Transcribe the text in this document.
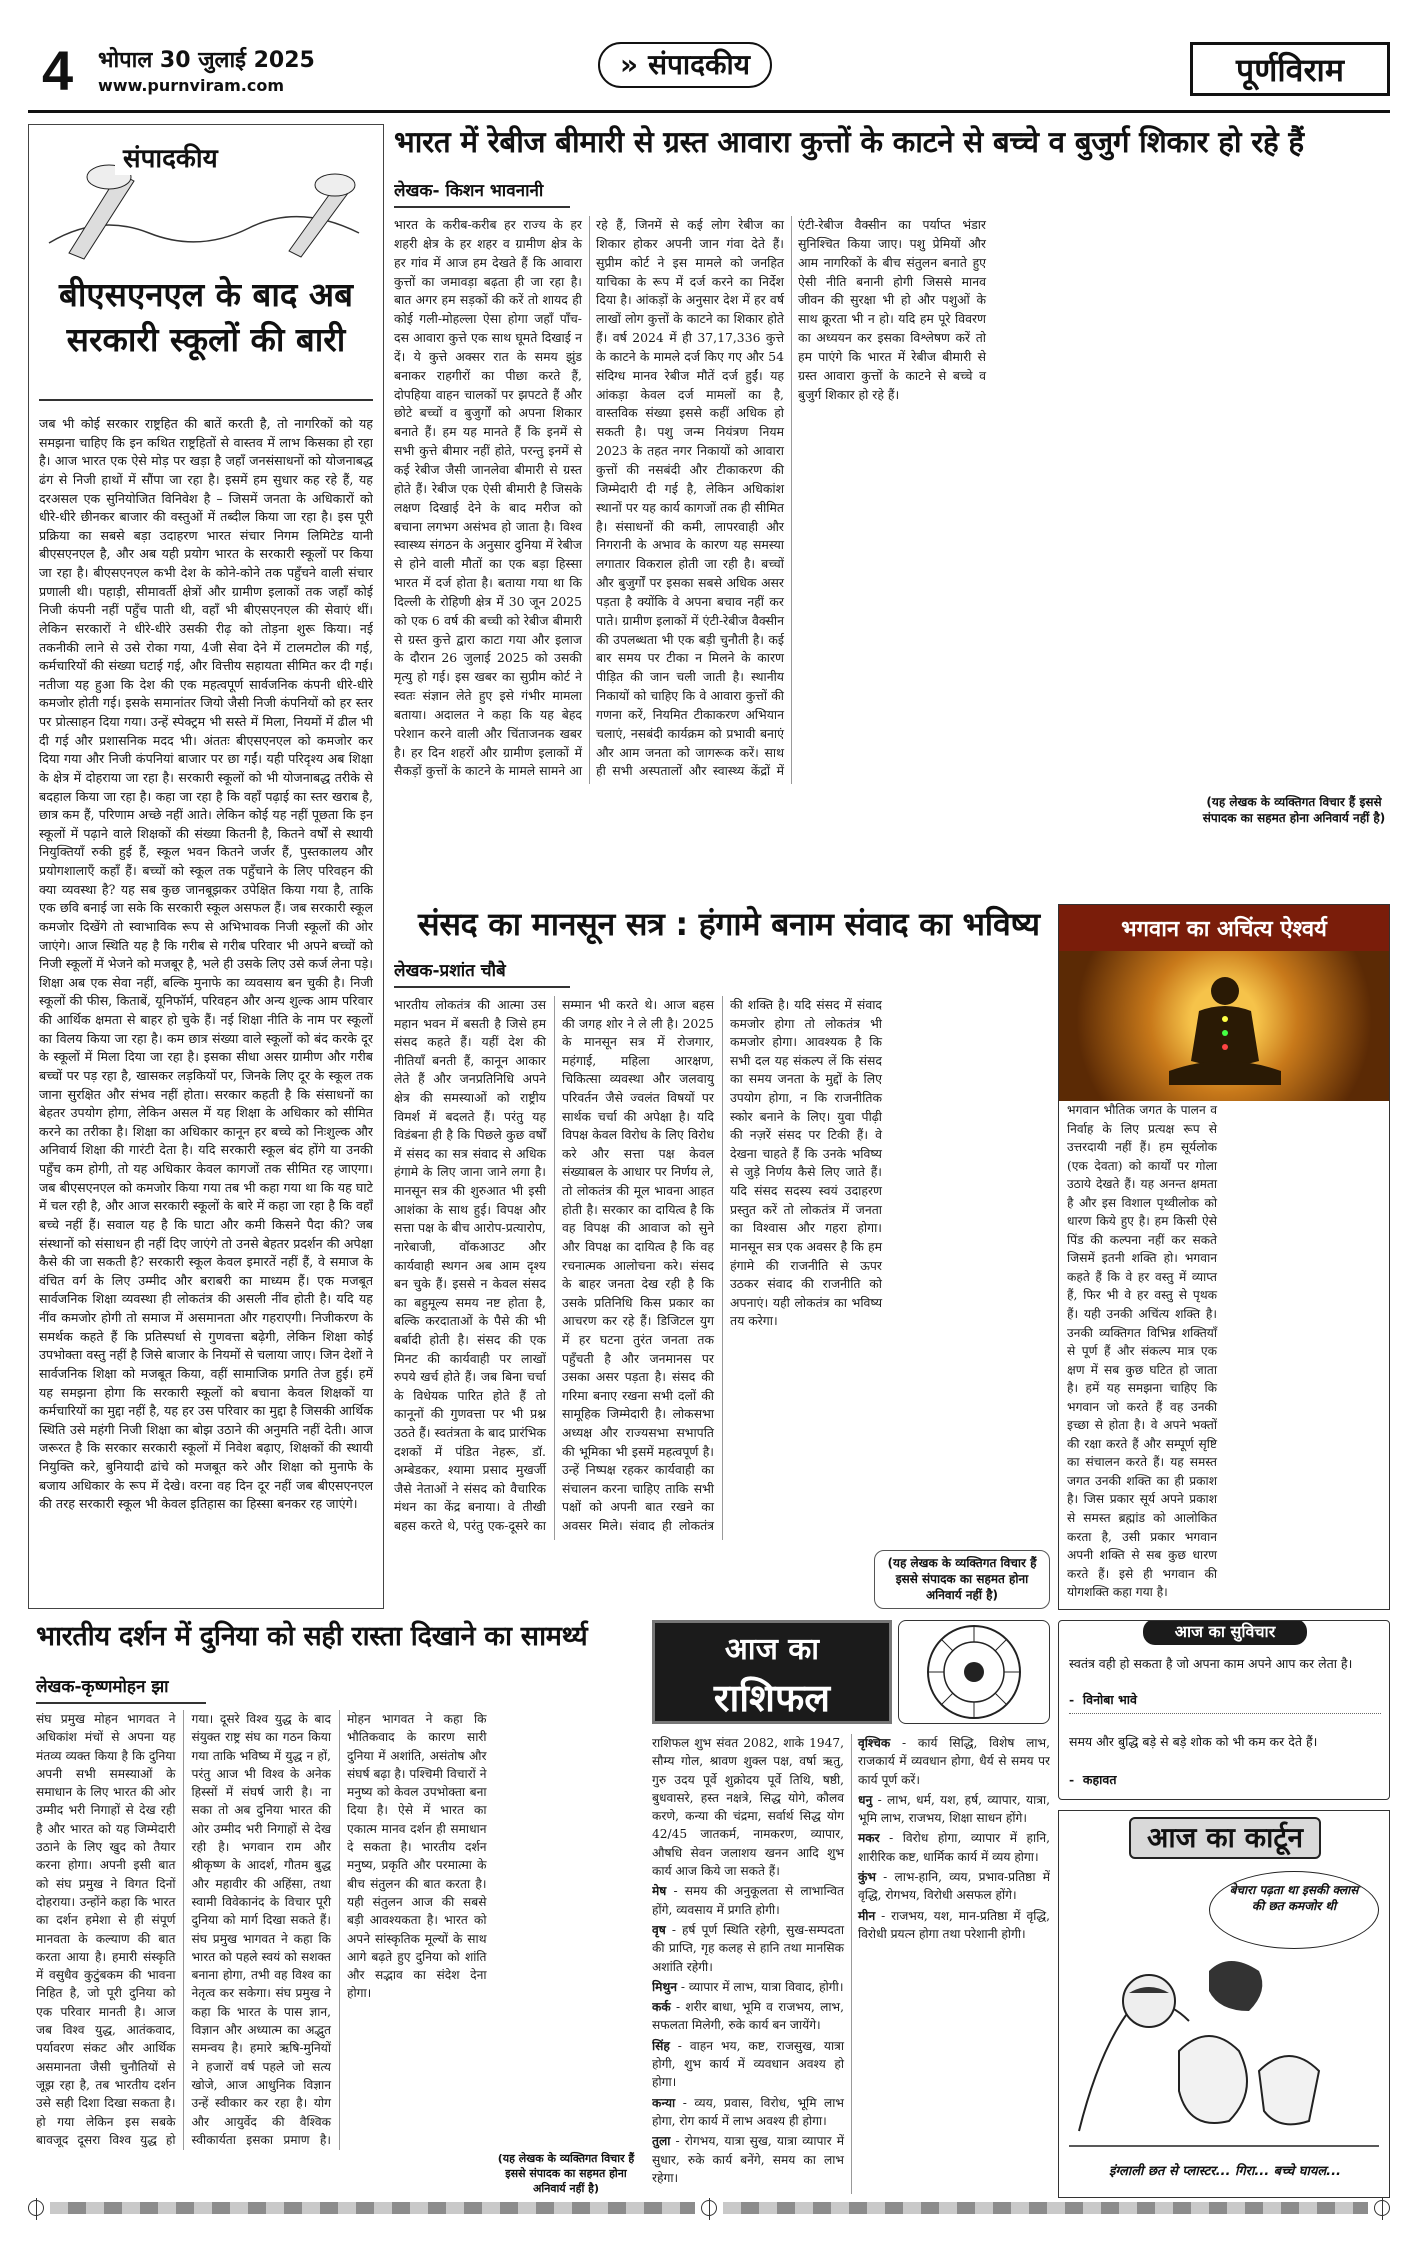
4 भोपाल 30 जुलाई 2025
www.purnviram.com
» संपादकीय	पूर्णविराम
संपादकीय
बीएसएनएल के बाद अब सरकारी स्कूलों की बारी
जब भी कोई सरकार राष्ट्रहित की बातें करती है, तो नागरिकों को यह समझना चाहिए कि इन कथित राष्ट्रहितों से वास्तव में लाभ किसका हो रहा है। आज भारत एक ऐसे मोड़ पर खड़ा है जहाँ जनसंसाधनों को योजनाबद्ध ढंग से निजी हाथों में सौंपा जा रहा है। इसमें हम सुधार कह रहे हैं, यह दरअसल एक सुनियोजित विनिवेश है – जिसमें जनता के अधिकारों को धीरे-धीरे छीनकर बाजार की वस्तुओं में तब्दील किया जा रहा है। इस पूरी प्रक्रिया का सबसे बड़ा उदाहरण भारत संचार निगम लिमिटेड यानी बीएसएनएल है, और अब यही प्रयोग भारत के सरकारी स्कूलों पर किया जा रहा है। बीएसएनएल कभी देश के कोने-कोने तक पहुँचने वाली संचार प्रणाली थी। पहाड़ी, सीमावर्ती क्षेत्रों और ग्रामीण इलाकों तक जहाँ कोई निजी कंपनी नहीं पहुँच पाती थी, वहाँ भी बीएसएनएल की सेवाएं थीं। लेकिन सरकारों ने धीरे-धीरे उसकी रीढ़ को तोड़ना शुरू किया। नई तकनीकी लाने से उसे रोका गया, 4जी सेवा देने में टालमटोल की गई, कर्मचारियों की संख्या घटाई गई, और वित्तीय सहायता सीमित कर दी गई। नतीजा यह हुआ कि देश की एक महत्वपूर्ण सार्वजनिक कंपनी धीरे-धीरे कमजोर होती गई। इसके समानांतर जियो जैसी निजी कंपनियों को हर स्तर पर प्रोत्साहन दिया गया। उन्हें स्पेक्ट्रम भी सस्ते में मिला, नियमों में ढील भी दी गई और प्रशासनिक मदद भी। अंततः बीएसएनएल को कमजोर कर दिया गया और निजी कंपनियां बाजार पर छा गईं। यही परिदृश्य अब शिक्षा के क्षेत्र में दोहराया जा रहा है। सरकारी स्कूलों को भी योजनाबद्ध तरीके से बदहाल किया जा रहा है। कहा जा रहा है कि वहाँ पढ़ाई का स्तर खराब है, छात्र कम हैं, परिणाम अच्छे नहीं आते। लेकिन कोई यह नहीं पूछता कि इन स्कूलों में पढ़ाने वाले शिक्षकों की संख्या कितनी है, कितने वर्षों से स्थायी नियुक्तियाँ रुकी हुई हैं, स्कूल भवन कितने जर्जर हैं, पुस्तकालय और प्रयोगशालाएँ कहाँ हैं। बच्चों को स्कूल तक पहुँचाने के लिए परिवहन की क्या व्यवस्था है? यह सब कुछ जानबूझकर उपेक्षित किया गया है, ताकि एक छवि बनाई जा सके कि सरकारी स्कूल असफल हैं। जब सरकारी स्कूल कमजोर दिखेंगे तो स्वाभाविक रूप से अभिभावक निजी स्कूलों की ओर जाएंगे। आज स्थिति यह है कि गरीब से गरीब परिवार भी अपने बच्चों को निजी स्कूलों में भेजने को मजबूर है, भले ही उसके लिए उसे कर्ज लेना पड़े। शिक्षा अब एक सेवा नहीं, बल्कि मुनाफे का व्यवसाय बन चुकी है। निजी स्कूलों की फीस, किताबें, यूनिफॉर्म, परिवहन और अन्य शुल्क आम परिवार की आर्थिक क्षमता से बाहर हो चुके हैं। नई शिक्षा नीति के नाम पर स्कूलों का विलय किया जा रहा है। कम छात्र संख्या वाले स्कूलों को बंद करके दूर के स्कूलों में मिला दिया जा रहा है। इसका सीधा असर ग्रामीण और गरीब बच्चों पर पड़ रहा है, खासकर लड़कियों पर, जिनके लिए दूर के स्कूल तक जाना सुरक्षित और संभव नहीं होता। सरकार कहती है कि संसाधनों का बेहतर उपयोग होगा, लेकिन असल में यह शिक्षा के अधिकार को सीमित करने का तरीका है। शिक्षा का अधिकार कानून हर बच्चे को निःशुल्क और अनिवार्य शिक्षा की गारंटी देता है। यदि सरकारी स्कूल बंद होंगे या उनकी पहुँच कम होगी, तो यह अधिकार केवल कागजों तक सीमित रह जाएगा। जब बीएसएनएल को कमजोर किया गया तब भी कहा गया था कि यह घाटे में चल रही है, और आज सरकारी स्कूलों के बारे में कहा जा रहा है कि वहाँ बच्चे नहीं हैं। सवाल यह है कि घाटा और कमी किसने पैदा की? जब संस्थानों को संसाधन ही नहीं दिए जाएंगे तो उनसे बेहतर प्रदर्शन की अपेक्षा कैसे की जा सकती है? सरकारी स्कूल केवल इमारतें नहीं हैं, वे समाज के वंचित वर्ग के लिए उम्मीद और बराबरी का माध्यम हैं। एक मजबूत सार्वजनिक शिक्षा व्यवस्था ही लोकतंत्र की असली नींव होती है। यदि यह नींव कमजोर होगी तो समाज में असमानता और गहराएगी। निजीकरण के समर्थक कहते हैं कि प्रतिस्पर्धा से गुणवत्ता बढ़ेगी, लेकिन शिक्षा कोई उपभोक्ता वस्तु नहीं है जिसे बाजार के नियमों से चलाया जाए। जिन देशों ने सार्वजनिक शिक्षा को मजबूत किया, वहीं सामाजिक प्रगति तेज हुई। हमें यह समझना होगा कि सरकारी स्कूलों को बचाना केवल शिक्षकों या कर्मचारियों का मुद्दा नहीं है, यह हर उस परिवार का मुद्दा है जिसकी आर्थिक स्थिति उसे महंगी निजी शिक्षा का बोझ उठाने की अनुमति नहीं देती। आज जरूरत है कि सरकार सरकारी स्कूलों में निवेश बढ़ाए, शिक्षकों की स्थायी नियुक्ति करे, बुनियादी ढांचे को मजबूत करे और शिक्षा को मुनाफे के बजाय अधिकार के रूप में देखे। वरना वह दिन दूर नहीं जब बीएसएनएल की तरह सरकारी स्कूल भी केवल इतिहास का हिस्सा बनकर रह जाएंगे।
भारत में रेबीज बीमारी से ग्रस्त आवारा कुत्तों के काटने से बच्चे व बुजुर्ग शिकार हो रहे हैं
लेखक- किशन भावनानी
भारत के करीब-करीब हर राज्य के हर शहरी क्षेत्र के हर शहर व ग्रामीण क्षेत्र के हर गांव में आज हम देखते हैं कि आवारा कुत्तों का जमावड़ा बढ़ता ही जा रहा है। बात अगर हम सड़कों की करें तो शायद ही कोई गली-मोहल्ला ऐसा होगा जहाँ पाँच-दस आवारा कुत्ते एक साथ घूमते दिखाई न दें। ये कुत्ते अक्सर रात के समय झुंड बनाकर राहगीरों का पीछा करते हैं, दोपहिया वाहन चालकों पर झपटते हैं और छोटे बच्चों व बुजुर्गों को अपना शिकार बनाते हैं। हम यह मानते हैं कि इनमें से सभी कुत्ते बीमार नहीं होते, परन्तु इनमें से कई रेबीज जैसी जानलेवा बीमारी से ग्रस्त होते हैं। रेबीज एक ऐसी बीमारी है जिसके लक्षण दिखाई देने के बाद मरीज को बचाना लगभग असंभव हो जाता है। विश्व स्वास्थ्य संगठन के अनुसार दुनिया में रेबीज से होने वाली मौतों का एक बड़ा हिस्सा भारत में दर्ज होता है। बताया गया था कि दिल्ली के रोहिणी क्षेत्र में 30 जून 2025 को एक 6 वर्ष की बच्ची को रेबीज बीमारी से ग्रस्त कुत्ते द्वारा काटा गया और इलाज के दौरान 26 जुलाई 2025 को उसकी मृत्यु हो गई। इस खबर का सुप्रीम कोर्ट ने स्वतः संज्ञान लेते हुए इसे गंभीर मामला बताया। अदालत ने कहा कि यह बेहद परेशान करने वाली और चिंताजनक खबर है। हर दिन शहरों और ग्रामीण इलाकों में सैकड़ों कुत्तों के काटने के मामले सामने आ रहे हैं, जिनमें से कई लोग रेबीज का शिकार होकर अपनी जान गंवा देते हैं। सुप्रीम कोर्ट ने इस मामले को जनहित याचिका के रूप में दर्ज करने का निर्देश दिया है। आंकड़ों के अनुसार देश में हर वर्ष लाखों लोग कुत्तों के काटने का शिकार होते हैं। वर्ष 2024 में ही 37,17,336 कुत्ते के काटने के मामले दर्ज किए गए और 54 संदिग्ध मानव रेबीज मौतें दर्ज हुईं। यह आंकड़ा केवल दर्ज मामलों का है, वास्तविक संख्या इससे कहीं अधिक हो सकती है। पशु जन्म नियंत्रण नियम 2023 के तहत नगर निकायों को आवारा कुत्तों की नसबंदी और टीकाकरण की जिम्मेदारी दी गई है, लेकिन अधिकांश स्थानों पर यह कार्य कागजों तक ही सीमित है। संसाधनों की कमी, लापरवाही और निगरानी के अभाव के कारण यह समस्या लगातार विकराल होती जा रही है। बच्चों और बुजुर्गों पर इसका सबसे अधिक असर पड़ता है क्योंकि वे अपना बचाव नहीं कर पाते। ग्रामीण इलाकों में एंटी-रेबीज वैक्सीन की उपलब्धता भी एक बड़ी चुनौती है। कई बार समय पर टीका न मिलने के कारण पीड़ित की जान चली जाती है। स्थानीय निकायों को चाहिए कि वे आवारा कुत्तों की गणना करें, नियमित टीकाकरण अभियान चलाएं, नसबंदी कार्यक्रम को प्रभावी बनाएं और आम जनता को जागरूक करें। साथ ही सभी अस्पतालों और स्वास्थ्य केंद्रों में एंटी-रेबीज वैक्सीन का पर्याप्त भंडार सुनिश्चित किया जाए। पशु प्रेमियों और आम नागरिकों के बीच संतुलन बनाते हुए ऐसी नीति बनानी होगी जिससे मानव जीवन की सुरक्षा भी हो और पशुओं के साथ क्रूरता भी न हो। यदि हम पूरे विवरण का अध्ययन कर इसका विश्लेषण करें तो हम पाएंगे कि भारत में रेबीज बीमारी से ग्रस्त आवारा कुत्तों के काटने से बच्चे व बुजुर्ग शिकार हो रहे हैं।
(यह लेखक के व्यक्तिगत विचार हैं इससे संपादक का सहमत होना अनिवार्य नहीं है)
संसद का मानसून सत्र : हंगामे बनाम संवाद का भविष्य
लेखक-प्रशांत चौबे
भारतीय लोकतंत्र की आत्मा उस महान भवन में बसती है जिसे हम संसद कहते हैं। यहीं देश की नीतियाँ बनती हैं, कानून आकार लेते हैं और जनप्रतिनिधि अपने क्षेत्र की समस्याओं को राष्ट्रीय विमर्श में बदलते हैं। परंतु यह विडंबना ही है कि पिछले कुछ वर्षों में संसद का सत्र संवाद से अधिक हंगामे के लिए जाना जाने लगा है। मानसून सत्र की शुरुआत भी इसी आशंका के साथ हुई। विपक्ष और सत्ता पक्ष के बीच आरोप-प्रत्यारोप, नारेबाजी, वॉकआउट और कार्यवाही स्थगन अब आम दृश्य बन चुके हैं। इससे न केवल संसद का बहुमूल्य समय नष्ट होता है, बल्कि करदाताओं के पैसे की भी बर्बादी होती है। संसद की एक मिनट की कार्यवाही पर लाखों रुपये खर्च होते हैं। जब बिना चर्चा के विधेयक पारित होते हैं तो कानूनों की गुणवत्ता पर भी प्रश्न उठते हैं। स्वतंत्रता के बाद प्रारंभिक दशकों में पंडित नेहरू, डॉ. अम्बेडकर, श्यामा प्रसाद मुखर्जी जैसे नेताओं ने संसद को वैचारिक मंथन का केंद्र बनाया। वे तीखी बहस करते थे, परंतु एक-दूसरे का सम्मान भी करते थे। आज बहस की जगह शोर ने ले ली है। 2025 के मानसून सत्र में रोजगार, महंगाई, महिला आरक्षण, चिकित्सा व्यवस्था और जलवायु परिवर्तन जैसे ज्वलंत विषयों पर सार्थक चर्चा की अपेक्षा है। यदि विपक्ष केवल विरोध के लिए विरोध करे और सत्ता पक्ष केवल संख्याबल के आधार पर निर्णय ले, तो लोकतंत्र की मूल भावना आहत होती है। सरकार का दायित्व है कि वह विपक्ष की आवाज को सुने और विपक्ष का दायित्व है कि वह रचनात्मक आलोचना करे। संसद के बाहर जनता देख रही है कि उसके प्रतिनिधि किस प्रकार का आचरण कर रहे हैं। डिजिटल युग में हर घटना तुरंत जनता तक पहुँचती है और जनमानस पर उसका असर पड़ता है। संसद की गरिमा बनाए रखना सभी दलों की सामूहिक जिम्मेदारी है। लोकसभा अध्यक्ष और राज्यसभा सभापति की भूमिका भी इसमें महत्वपूर्ण है। उन्हें निष्पक्ष रहकर कार्यवाही का संचालन करना चाहिए ताकि सभी पक्षों को अपनी बात रखने का अवसर मिले। संवाद ही लोकतंत्र की शक्ति है। यदि संसद में संवाद कमजोर होगा तो लोकतंत्र भी कमजोर होगा। आवश्यक है कि सभी दल यह संकल्प लें कि संसद का समय जनता के मुद्दों के लिए उपयोग होगा, न कि राजनीतिक स्कोर बनाने के लिए। युवा पीढ़ी की नज़रें संसद पर टिकी हैं। वे देखना चाहते हैं कि उनके भविष्य से जुड़े निर्णय कैसे लिए जाते हैं। यदि संसद सदस्य स्वयं उदाहरण प्रस्तुत करें तो लोकतंत्र में जनता का विश्वास और गहरा होगा। मानसून सत्र एक अवसर है कि हम हंगामे की राजनीति से ऊपर उठकर संवाद की राजनीति को अपनाएं। यही लोकतंत्र का भविष्य तय करेगा।
(यह लेखक के व्यक्तिगत विचार हैं इससे संपादक का सहमत होना अनिवार्य नहीं है)
भगवान का अचिंत्य ऐश्वर्य
भगवान भौतिक जगत के पालन व निर्वाह के लिए प्रत्यक्ष रूप से उत्तरदायी नहीं हैं। हम सूर्यलोक (एक देवता) को कार्यों पर गोला उठाये देखते हैं। यह अनन्त क्षमता है और इस विशाल पृथ्वीलोक को धारण किये हुए है। हम किसी ऐसे पिंड की कल्पना नहीं कर सकते जिसमें इतनी शक्ति हो। भगवान कहते हैं कि वे हर वस्तु में व्याप्त हैं, फिर भी वे हर वस्तु से पृथक हैं। यही उनकी अचिंत्य शक्ति है। उनकी व्यक्तिगत विभिन्न शक्तियाँ से पूर्ण हैं और संकल्प मात्र एक क्षण में सब कुछ घटित हो जाता है। हमें यह समझना चाहिए कि भगवान जो करते हैं वह उनकी इच्छा से होता है। वे अपने भक्तों की रक्षा करते हैं और सम्पूर्ण सृष्टि का संचालन करते हैं। यह समस्त जगत उनकी शक्ति का ही प्रकाश है। जिस प्रकार सूर्य अपने प्रकाश से समस्त ब्रह्मांड को आलोकित करता है, उसी प्रकार भगवान अपनी शक्ति से सब कुछ धारण करते हैं। इसे ही भगवान की योगशक्ति कहा गया है।
भारतीय दर्शन में दुनिया को सही रास्ता दिखाने का सामर्थ्य
लेखक-कृष्णमोहन झा
संघ प्रमुख मोहन भागवत ने अधिकांश मंचों से अपना यह मंतव्य व्यक्त किया है कि दुनिया अपनी सभी समस्याओं के समाधान के लिए भारत की ओर उम्मीद भरी निगाहों से देख रही है और भारत को यह जिम्मेदारी उठाने के लिए खुद को तैयार करना होगा। अपनी इसी बात को संघ प्रमुख ने विगत दिनों दोहराया। उन्होंने कहा कि भारत का दर्शन हमेशा से ही संपूर्ण मानवता के कल्याण की बात करता आया है। हमारी संस्कृति में वसुधैव कुटुंबकम की भावना निहित है, जो पूरी दुनिया को एक परिवार मानती है। आज जब विश्व युद्ध, आतंकवाद, पर्यावरण संकट और आर्थिक असमानता जैसी चुनौतियों से जूझ रहा है, तब भारतीय दर्शन उसे सही दिशा दिखा सकता है। हो गया लेकिन इस सबके बावजूद दूसरा विश्व युद्ध हो गया। दूसरे विश्व युद्ध के बाद संयुक्त राष्ट्र संघ का गठन किया गया ताकि भविष्य में युद्ध न हों, परंतु आज भी विश्व के अनेक हिस्सों में संघर्ष जारी है। ना सका तो अब दुनिया भारत की ओर उम्मीद भरी निगाहों से देख रही है। भगवान राम और श्रीकृष्ण के आदर्श, गौतम बुद्ध और महावीर की अहिंसा, तथा स्वामी विवेकानंद के विचार पूरी दुनिया को मार्ग दिखा सकते हैं। संघ प्रमुख भागवत ने कहा कि भारत को पहले स्वयं को सशक्त बनाना होगा, तभी वह विश्व का नेतृत्व कर सकेगा। संघ प्रमुख ने कहा कि भारत के पास ज्ञान, विज्ञान और अध्यात्म का अद्भुत समन्वय है। हमारे ऋषि-मुनियों ने हजारों वर्ष पहले जो सत्य खोजे, आज आधुनिक विज्ञान उन्हें स्वीकार कर रहा है। योग और आयुर्वेद की वैश्विक स्वीकार्यता इसका प्रमाण है। मोहन भागवत ने कहा कि भौतिकवाद के कारण सारी दुनिया में अशांति, असंतोष और संघर्ष बढ़ा है। पश्चिमी विचारों ने मनुष्य को केवल उपभोक्ता बना दिया है। ऐसे में भारत का एकात्म मानव दर्शन ही समाधान दे सकता है। भारतीय दर्शन मनुष्य, प्रकृति और परमात्मा के बीच संतुलन की बात करता है। यही संतुलन आज की सबसे बड़ी आवश्यकता है। भारत को अपने सांस्कृतिक मूल्यों के साथ आगे बढ़ते हुए दुनिया को शांति और सद्भाव का संदेश देना होगा।
(यह लेखक के व्यक्तिगत विचार हैं इससे संपादक का सहमत होना अनिवार्य नहीं है)
आज का
राशिफल

राशिफल शुभ संवत 2082, शाके 1947, सौम्य गोल, श्रावण शुक्ल पक्ष, वर्षा ऋतु, गुरु उदय पूर्वे शुक्रोदय पूर्वे तिथि, षष्ठी, बुधवासरे, हस्त नक्षत्रे, सिद्ध योगे, कौलव करणे, कन्या की चंद्रमा, सर्वार्थ सिद्ध योग 42/45 जातकर्म, नामकरण, व्यापार, औषधि सेवन जलाशय खनन आदि शुभ कार्य आज किये जा सकते हैं।

मेष - समय की अनुकूलता से लाभान्वित होंगे, व्यवसाय में प्रगति होगी।

वृष - हर्ष पूर्ण स्थिति रहेगी, सुख-सम्पदता की प्राप्ति, गृह कलह से हानि तथा मानसिक अशांति रहेगी।

मिथुन - व्यापार में लाभ, यात्रा विवाद, होगी।

कर्क - शरीर बाधा, भूमि व राजभय, लाभ, सफलता मिलेगी, रुके कार्य बन जायेंगे।

सिंह - वाहन भय, कष्ट, राजसुख, यात्रा होगी, शुभ कार्य में व्यवधान अवश्य हो होगा।

कन्या - व्यय, प्रवास, विरोध, भूमि लाभ होगा, रोग कार्य में लाभ अवश्य ही होगा।

तुला - रोगभय, यात्रा सुख, यात्रा व्यापार में सुधार, रुके कार्य बनेंगे, समय का लाभ रहेगा।

वृश्चिक - कार्य सिद्धि, विशेष लाभ, राजकार्य में व्यवधान होगा, धैर्य से समय पर कार्य पूर्ण करें।

धनु - लाभ, धर्म, यश, हर्ष, व्यापार, यात्रा, भूमि लाभ, राजभय, शिक्षा साधन होंगे।

मकर - विरोध होगा, व्यापार में हानि, शारीरिक कष्ट, धार्मिक कार्य में व्यय होगा।

कुंभ - लाभ-हानि, व्यय, प्रभाव-प्रतिष्ठा में वृद्धि, रोगभय, विरोधी असफल होंगे।

मीन - राजभय, यश, मान-प्रतिष्ठा में वृद्धि, विरोधी प्रयत्न होगा तथा परेशानी होगी।

आज का सुविचार
स्वतंत्र वही हो सकता है जो अपना काम अपने आप कर लेता है।
-  विनोबा भावे
समय और बुद्धि बड़े से बड़े शोक को भी कम कर देते हैं।
-  कहावत
आज का कार्टून
बेचारा पढ़ता था इसकी क्लास की छत कमजोर थी
इंग्लाली छत से प्लास्टर... गिरा... बच्चे घायल...
